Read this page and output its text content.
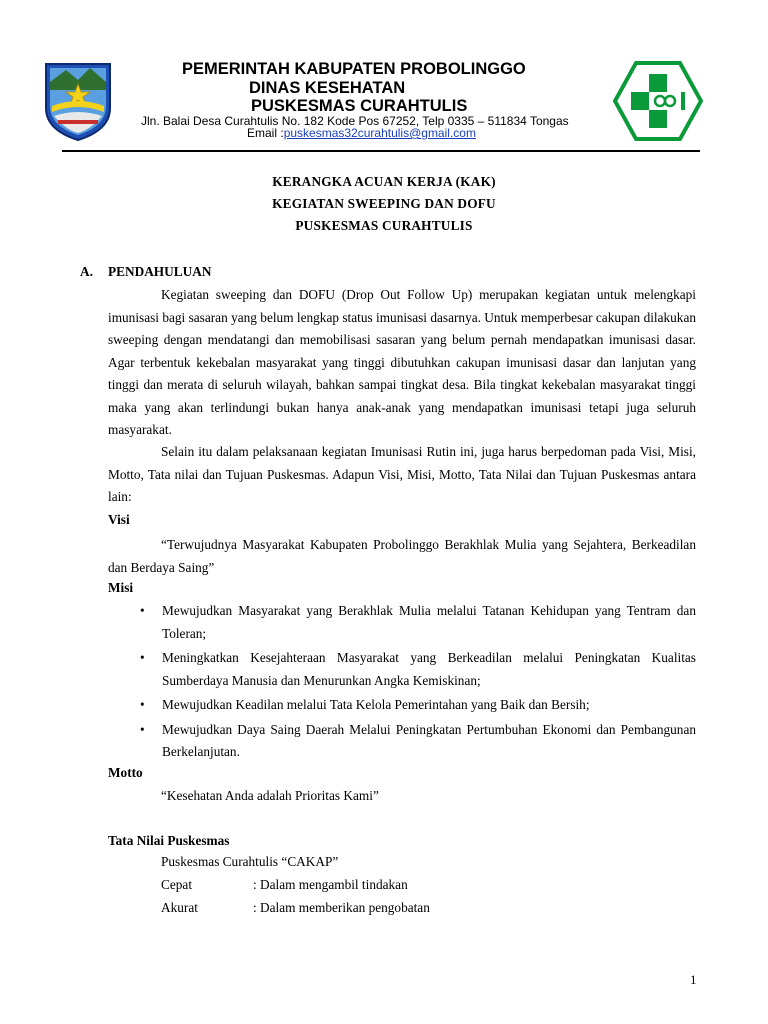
PEMERINTAH KABUPATEN PROBOLINGGO
DINAS KESEHATAN
PUSKESMAS CURAHTULIS
Jln. Balai Desa Curahtulis No. 182 Kode Pos 67252, Telp 0335 – 511834 Tongas
Email :puskesmas32curahtulis@gmail.com
KERANGKA ACUAN KERJA (KAK)
KEGIATAN SWEEPING DAN DOFU
PUSKESMAS CURAHTULIS
A. PENDAHULUAN

Kegiatan sweeping dan DOFU (Drop Out Follow Up) merupakan kegiatan untuk melengkapi imunisasi bagi sasaran yang belum lengkap status imunisasi dasarnya. Untuk memperbesar cakupan dilakukan sweeping dengan mendatangi dan memobilisasi sasaran yang belum pernah mendapatkan imunisasi dasar. Agar terbentuk kekebalan masyarakat yang tinggi dibutuhkan cakupan imunisasi dasar dan lanjutan yang tinggi dan merata di seluruh wilayah, bahkan sampai tingkat desa. Bila tingkat kekebalan masyarakat tinggi maka yang akan terlindungi bukan hanya anak-anak yang mendapatkan imunisasi tetapi juga seluruh masyarakat.

Selain itu dalam pelaksanaan kegiatan Imunisasi Rutin ini, juga harus berpedoman pada Visi, Misi, Motto, Tata nilai dan Tujuan Puskesmas. Adapun Visi, Misi, Motto, Tata Nilai dan Tujuan Puskesmas antara lain:

Visi

“Terwujudnya Masyarakat Kabupaten Probolinggo Berakhlak Mulia yang Sejahtera, Berkeadilan dan Berdaya Saing”

Misi
• Mewujudkan Masyarakat yang Berakhlak Mulia melalui Tatanan Kehidupan yang Tentram dan Toleran;
• Meningkatkan Kesejahteraan Masyarakat yang Berkeadilan melalui Peningkatan Kualitas Sumberdaya Manusia dan Menurunkan Angka Kemiskinan;
• Mewujudkan Keadilan melalui Tata Kelola Pemerintahan yang Baik dan Bersih;
• Mewujudkan Daya Saing Daerah Melalui Peningkatan Pertumbuhan Ekonomi dan Pembangunan Berkelanjutan.
Motto
“Kesehatan Anda adalah Prioritas Kami”
Tata Nilai Puskesmas
Puskesmas Curahtulis “CAKAP”
Cepat	: Dalam mengambil tindakan
Akurat	: Dalam memberikan pengobatan
1
